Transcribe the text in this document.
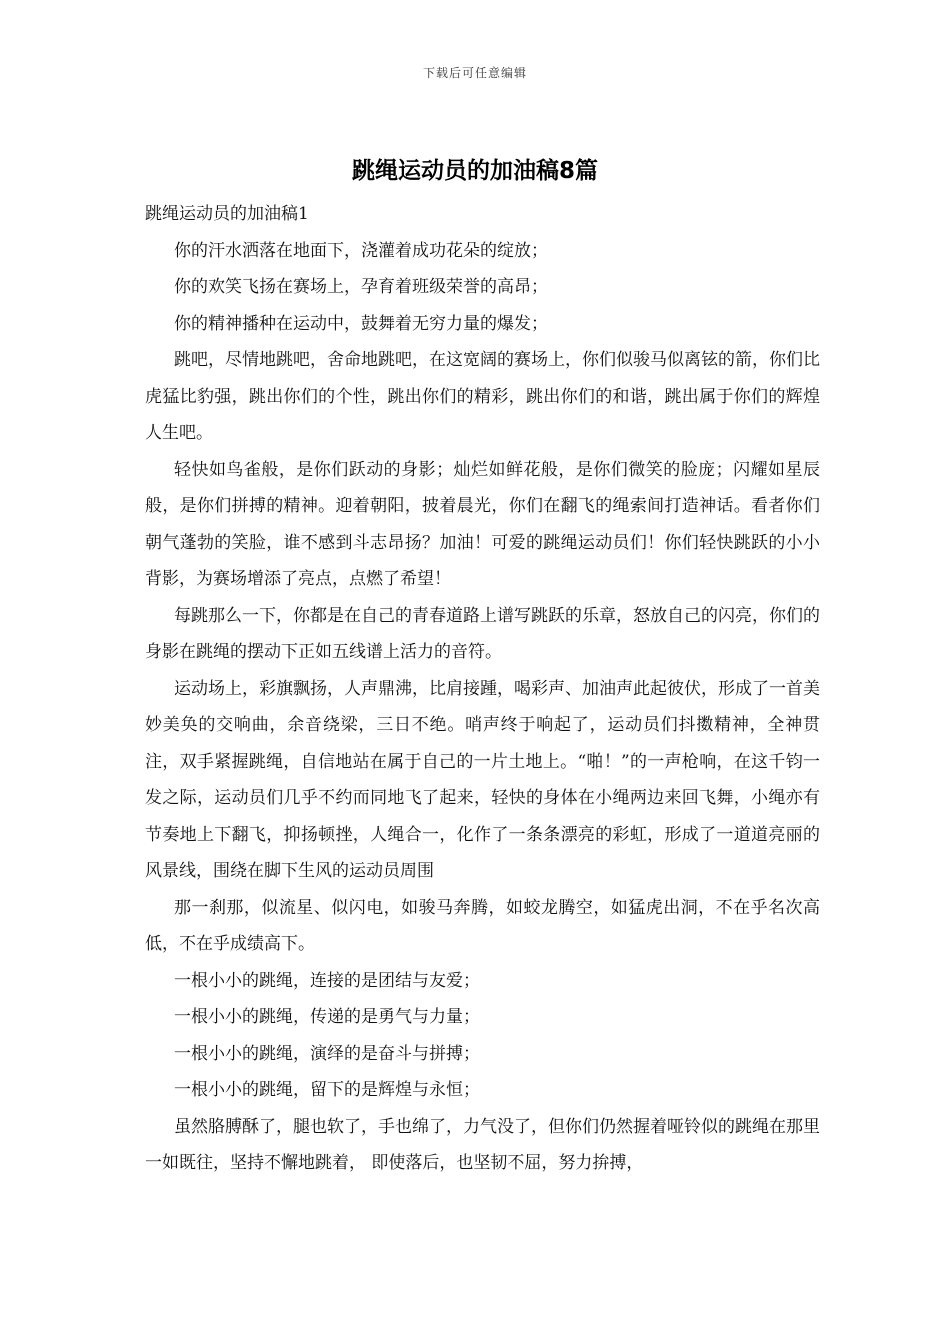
下载后可任意编辑
跳绳运动员的加油稿8篇

跳绳运动员的加油稿1

你的汗水洒落在地面下，浇灌着成功花朵的绽放；

你的欢笑飞扬在赛场上，孕育着班级荣誉的高昂；

你的精神播种在运动中，鼓舞着无穷力量的爆发；

跳吧，尽情地跳吧，舍命地跳吧，在这宽阔的赛场上，你们似骏马似离铉的箭，你们比虎猛比豹强，跳出你们的个性，跳出你们的精彩，跳出你们的和谐，跳出属于你们的辉煌人生吧。

轻快如鸟雀般，是你们跃动的身影；灿烂如鲜花般，是你们微笑的脸庞；闪耀如星辰般，是你们拼搏的精神。迎着朝阳，披着晨光，你们在翻飞的绳索间打造神话。看者你们朝气蓬勃的笑脸，谁不感到斗志昂扬？加油！可爱的跳绳运动员们！你们轻快跳跃的小小背影，为赛场增添了亮点，点燃了希望！

每跳那么一下，你都是在自己的青春道路上谱写跳跃的乐章，怒放自己的闪亮，你们的身影在跳绳的摆动下正如五线谱上活力的音符。

运动场上，彩旗飘扬，人声鼎沸，比肩接踵，喝彩声、加油声此起彼伏，形成了一首美妙美奂的交响曲，余音绕梁，三日不绝。哨声终于响起了，运动员们抖擞精神，全神贯注，双手紧握跳绳，自信地站在属于自己的一片土地上。“啪！”的一声枪响，在这千钧一发之际，运动员们几乎不约而同地飞了起来，轻快的身体在小绳两边来回飞舞，小绳亦有节奏地上下翻飞，抑扬顿挫，人绳合一，化作了一条条漂亮的彩虹，形成了一道道亮丽的风景线，围绕在脚下生风的运动员周围

那一刹那，似流星、似闪电，如骏马奔腾，如蛟龙腾空，如猛虎出洞，不在乎名次高低，不在乎成绩高下。

一根小小的跳绳，连接的是团结与友爱；

一根小小的跳绳，传递的是勇气与力量；

一根小小的跳绳，演绎的是奋斗与拼搏；

一根小小的跳绳，留下的是辉煌与永恒；

虽然胳膊酥了，腿也软了，手也绵了，力气没了，但你们仍然握着哑铃似的跳绳在那里一如既往，坚持不懈地跳着， 即使落后，也坚韧不屈，努力拚搏，
